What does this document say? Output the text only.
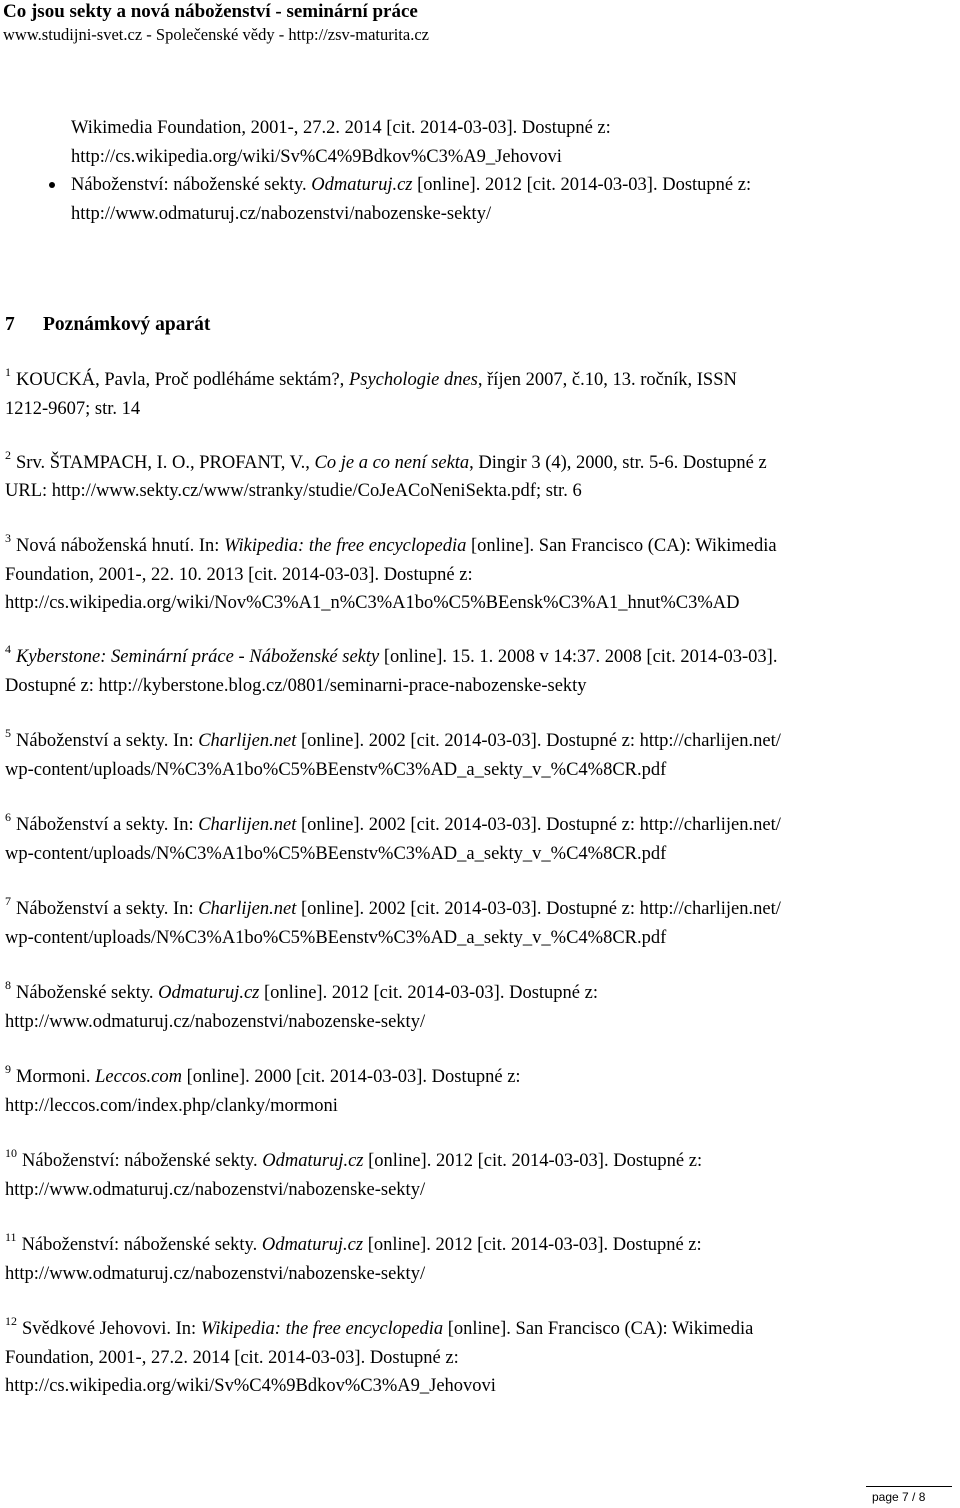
Co jsou sekty a nová náboženství - seminární práce
www.studijni-svet.cz - Společenské vědy - http://zsv-maturita.cz
Wikimedia Foundation, 2001-, 27.2. 2014 [cit. 2014-03-03]. Dostupné z:
http://cs.wikipedia.org/wiki/Sv%C4%9Bdkov%C3%A9_Jehovovi
Náboženství: náboženské sekty. Odmaturuj.cz [online]. 2012 [cit. 2014-03-03]. Dostupné z:
http://www.odmaturuj.cz/nabozenstvi/nabozenske-sekty/
7 Poznámkový aparát
$^1$ KOUCKÁ, Pavla, Proč podléháme sektám?, Psychologie dnes, říjen 2007, č.10, 13. ročník, ISSN
1212-9607; str. 14
$^2$ Srv. ŠTAMPACH, I. O., PROFANT, V., Co je a co není sekta, Dingir 3 (4), 2000, str. 5-6. Dostupné z
URL: http://www.sekty.cz/www/stranky/studie/CoJeACoNeniSekta.pdf; str. 6
$^3$ Nová náboženská hnutí. In: Wikipedia: the free encyclopedia [online]. San Francisco (CA): Wikimedia
Foundation, 2001-, 22. 10. 2013 [cit. 2014-03-03]. Dostupné z:
http://cs.wikipedia.org/wiki/Nov%C3%A1_n%C3%A1bo%C5%BEensk%C3%A1_hnut%C3%AD
$^4$ Kyberstone: Seminární práce - Náboženské sekty [online]. 15. 1. 2008 v 14:37. 2008 [cit. 2014-03-03].
Dostupné z: http://kyberstone.blog.cz/0801/seminarni-prace-nabozenske-sekty
$^5$ Náboženství a sekty. In: Charlijen.net [online]. 2002 [cit. 2014-03-03]. Dostupné z: http://charlijen.net/
wp-content/uploads/N%C3%A1bo%C5%BEenstv%C3%AD_a_sekty_v_%C4%8CR.pdf
$^6$ Náboženství a sekty. In: Charlijen.net [online]. 2002 [cit. 2014-03-03]. Dostupné z: http://charlijen.net/
wp-content/uploads/N%C3%A1bo%C5%BEenstv%C3%AD_a_sekty_v_%C4%8CR.pdf
$^7$ Náboženství a sekty. In: Charlijen.net [online]. 2002 [cit. 2014-03-03]. Dostupné z: http://charlijen.net/
wp-content/uploads/N%C3%A1bo%C5%BEenstv%C3%AD_a_sekty_v_%C4%8CR.pdf
$^8$ Náboženské sekty. Odmaturuj.cz [online]. 2012 [cit. 2014-03-03]. Dostupné z:
http://www.odmaturuj.cz/nabozenstvi/nabozenske-sekty/
$^9$ Mormoni. Leccos.com [online]. 2000 [cit. 2014-03-03]. Dostupné z:
http://leccos.com/index.php/clanky/mormoni
$^{10}$ Náboženství: náboženské sekty. Odmaturuj.cz [online]. 2012 [cit. 2014-03-03]. Dostupné z:
http://www.odmaturuj.cz/nabozenstvi/nabozenske-sekty/
$^{11}$ Náboženství: náboženské sekty. Odmaturuj.cz [online]. 2012 [cit. 2014-03-03]. Dostupné z:
http://www.odmaturuj.cz/nabozenstvi/nabozenske-sekty/
$^{12}$ Svědkové Jehovovi. In: Wikipedia: the free encyclopedia [online]. San Francisco (CA): Wikimedia
Foundation, 2001-, 27.2. 2014 [cit. 2014-03-03]. Dostupné z:
http://cs.wikipedia.org/wiki/Sv%C4%9Bdkov%C3%A9_Jehovovi
page 7 / 8
